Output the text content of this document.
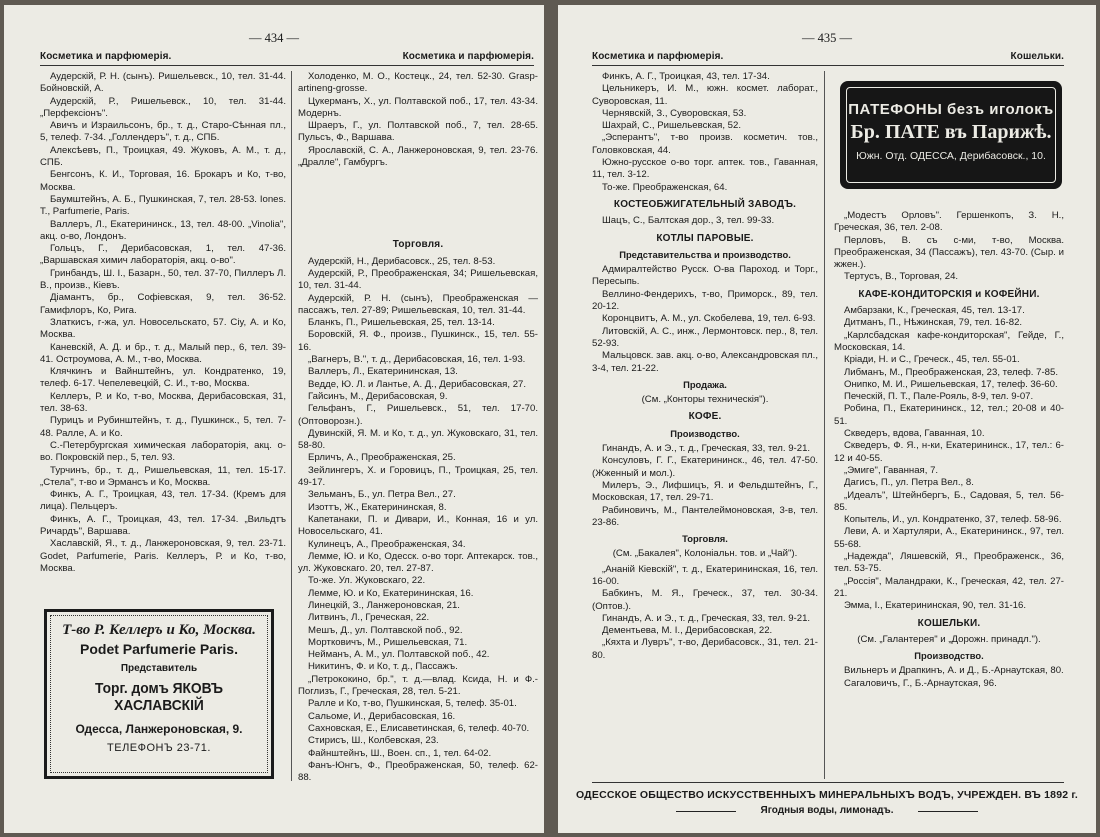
— 434 —
Косметика и парфюмерія.	Косметика и парфюмерія.

Аудерскій, Р. Н. (сынъ). Ришельевск., 10, тел. 31-44. Бойновскій, А.

Аудерскій, Р., Ришельевск., 10, тел. 31-44. „Перфексіонъ".

Авичъ и Израильсонъ, бр., т. д., Старо-Сѣнная пл., 5, телеф. 7-34. „Голлендеръ", т. д., СПБ.

Алексѣевъ, П., Троицкая, 49. Жуковъ, А. М., т. д., СПБ.

Бенгсонъ, К. И., Торговая, 16. Брокаръ и Ко, т-во, Москва.

Баумштейнъ, А. Б., Пушкинская, 7, тел. 28-53. Iones. T., Parfumerie, Paris.

Валлеръ, Л., Екатерининск., 13, тел. 48-00. „Vinolia", акц. о-во, Лондонъ.

Гольцъ, Г., Дерибасовская, 1, тел. 47-36. „Варшавская химич лабораторія, акц. о-во".

Гринбандъ, Ш. І., Базарн., 50, тел. 37-70, Пиллеръ Л. В., произв., Кіевъ.

Діамантъ, бр., Софіевская, 9, тел. 36-52. Гамифлоръ, Ко, Рига.

Златкисъ, г-жа, ул. Новосельскато, 57. Сiy, А. и Ко, Москва.

Каневскій, А. Д. и бр., т. д., Малый пер., 6, тел. 39-41. Остроумова, А. М., т-во, Москва.

Клячкинъ и Вайнштейнъ, ул. Кондратенко, 19, телеф. 6-17. Чепелевецкій, С. И., т-во, Москва.

Келлеръ, Р. и Ко, т-во, Москва, Дерибасовская, 31, тел. 38-63.

Пурицъ и Рубинштейнъ, т. д., Пушкинск., 5, тел. 7-48. Ралле, А. и Ко.

С.-Петербургская химическая лабораторія, акц. о-во. Покровскій пер., 5, тел. 93.

Турчинъ, бр., т. д., Ришельевская, 11, тел. 15-17. „Стела", т-во и Эрмансъ и Ко, Москва.

Финкъ, А. Г., Троицкая, 43, тел. 17-34. (Кремъ для лица). Пельцеръ.

Финкъ, А. Г., Троицкая, 43, тел. 17-34. „Вильдтъ Ричардъ", Варшава.

Хаславскій, Я., т. д., Ланжероновская, 9, тел. 23-71. Godet, Parfumerie, Paris. Келлеръ, Р. и Ко, т-во, Москва.

Т-во Р. Келлеръ и Ко, Москва.
Podet Parfumerie Paris.
Представитель
Торг. домъ ЯКОВЪ ХАСЛАВСКІЙ
Одесса, Ланжероновская, 9.
ТЕЛЕФОНЪ 23-71.

Холоденко, М. О., Костецк., 24, тел. 52-30. Grasp-artineng-grosse.

Цукерманъ, Х., ул. Полтавской поб., 17, тел. 43-34. Модернъ.

Шраеръ, Г., ул. Полтавской поб., 7, тел. 28-65. Пульсъ, Ф., Варшава.

Ярославскій, С. А., Ланжероновская, 9, тел. 23-76. „Дралле", Гамбургъ.

Торговля.

Аудерскій, Н., Дерибасовск., 25, тел. 8-53.

Аудерскій, Р., Преображенская, 34; Ришельевская, 10, тел. 31-44.

Аудерскій, Р. Н. (сынъ), Преображенская —пассажъ, тел. 27-89; Ришельевская, 10, тел. 31-44.

Бланкъ, П., Ришельевская, 25, тел. 13-14.

Боровскій, Я. Ф., произв., Пушкинск., 15, тел. 55-16.

„Вагнеръ, В.", т. д., Дерибасовская, 16, тел. 1-93.

Валлеръ, Л., Екатерининская, 13.

Ведде, Ю. Л. и Лантье, А. Д., Дерибасовская, 27.

Гайсинъ, М., Дерибасовская, 9.

Гельфанъ, Г., Ришельевск., 51, тел. 17-70. (Оптоворозн.).

Дувинскій, Я. М. и Ко, т. д., ул. Жуковскаго, 31, тел. 58-80.

Ерличъ, А., Преображенская, 25.

Зейлингеръ, Х. и Горовицъ, П., Троицкая, 25, тел. 49-17.

Зельманъ, Б., ул. Петра Вел., 27.

Изоттъ, Ж., Екатерининская, 8.

Капетанаки, П. и Дивари, И., Конная, 16 и ул. Новосельскаго, 41.

Кулинецъ, А., Преображенская, 34.

Лемме, Ю. и Ко, Одесск. о-во торг. Аптекарск. тов., ул. Жуковскаго. 20, тел. 27-87.

То-же. Ул. Жуковскаго, 22.

Лемме, Ю. и Ко, Екатерининская, 16.

Линецкій, З., Ланжероновская, 21.

Литвинъ, Л., Греческая, 22.

Мешъ, Д., ул. Полтавской поб., 92.

Мортковичъ, М., Ришельевская, 71.

Нейманъ, А. М., ул. Полтавской поб., 42.

Никитинъ, Ф. и Ко, т. д., Пассажъ.

„Петрококино, бр.", т. д.—влад. Ксида, Н. и Ф.-Поглизъ, Г., Греческая, 28, тел. 5-21.

Ралле и Ко, т-во, Пушкинская, 5, телеф. 35-01.

Сальоме, И., Дерибасовская, 16.

Сахновская, Е., Елисаветинская, 6, телеф. 40-70.

Стирисъ, Ш., Колбевская, 23.

Файнштейнъ, Ш., Воен. сп., 1, тел. 64-02.

Фанъ-Юнгъ, Ф., Преображенская, 50, телеф. 62-88.

— 435 —
Косметика и парфюмерія.	Кошельки.

Финкъ, А. Г., Троицкая, 43, тел. 17-34.

Цельникеръ, И. М., южн. космет. лаборат., Суворовская, 11.

Чернявскій, З., Суворовская, 53.

Шахрай, С., Ришельевская, 52.

„Эсперантъ", т-во произв. косметич. тов., Головковская, 44.

Южно-русское о-во торг. аптек. тов., Гаванная, 11, тел. 3-12.

То-же. Преображенская, 64.

КОСТЕОБЖИГАТЕЛЬНЫЙ ЗАВОДЪ.

Шацъ, С., Балтская дор., 3, тел. 99-33.

КОТЛЫ ПАРОВЫЕ.
Представительства и производство.

Адмиралтейство Русск. О-ва Пароход. и Торг., Пересыпь.

Веллино-Фендерихъ, т-во, Приморск., 89, тел. 20-12.

Коронцвитъ, А. М., ул. Скобелева, 19, тел. 6-93.

Литовскій, А. С., инж., Лермонтовск. пер., 8, тел. 52-93.

Мальцовск. зав. акц. о-во, Александровская пл., 3-4, тел. 21-22.

Продажа.

(См. „Конторы техническія").

КОФЕ.
Производство.

Гинандъ, А. и Э., т. д., Греческая, 33, тел. 9-21.

Консуловъ, Г. Г., Екатерининск., 46, тел. 47-50. (Жженный и мол.).

Милеръ, Э., Лифшицъ, Я. и Фельдштейнъ, Г., Московская, 17, тел. 29-71.

Рабиновичъ, М., Пантелеймоновская, 3-в, тел. 23-86.

Торговля.

(См. „Бакалея", Колоніальн. тов. и „Чай").

„Ананій Кіевскій", т. д., Екатерининская, 16, тел. 16-00.

Бабкинъ, М. Я., Греческ., 37, тел. 30-34. (Оптов.).

Гинандъ, А. и Э., т. д., Греческая, 33, тел. 9-21.

Дементьева, М. І., Дерибасовская, 22.

„Кяхта и Лувръ", т-во, Дерибасовск., 31, тел. 21-80.

ПАТЕФОНЫ безъ иголокъ
Бр. ПАТЕ въ Парижѣ.
Южн. Отд. ОДЕССА, Дерибасовск., 10.

„Модестъ Орловъ". Гершенкопъ, З. Н., Греческая, 36, тел. 2-08.

Перловъ, В. съ с-ми, т-во, Москва. Преображенская, 34 (Пассажъ), тел. 43-70. (Сыр. и жжен.).

Тертусъ, В., Торговая, 24.

КАФЕ-КОНДИТОРСКІЯ и КОФЕЙНИ.

Амбарзаки, К., Греческая, 45, тел. 13-17.

Дитманъ, П., Нѣжинская, 79, тел. 16-82.

„Карлсбадская кафе-кондиторская", Гейде, Г., Московская, 14.

Кріади, Н. и С., Греческ., 45, тел. 55-01.

Либманъ, М., Преображенская, 23, телеф. 7-85.

Онипко, М. И., Ришельевская, 17, телеф. 36-60.

Печескій, П. Т., Пале-Рояль, 8-9, тел. 9-07.

Робина, П., Екатерининск., 12, тел.; 20-08 и 40-51.

Скведеръ, вдова, Гаванная, 10.

Скведеръ, Ф. Я., н-ки, Екатерининск., 17, тел.: 6-12 и 40-55.

„Эмиге", Гаванная, 7.

Дагисъ, П., ул. Петра Вел., 8.

„Идеалъ", Штейнбергъ, Б., Садовая, 5, тел. 56-85.

Копытель, И., ул. Кондратенко, 37, телеф. 58-96.

Леви, А. и Хартуляри, А., Екатерининск., 97, тел. 55-68.

„Надежда", Ляшевскій, Я., Преображенск., 36, тел. 53-75.

„Россія", Маландраки, К., Греческая, 42, тел. 27-21.

Эмма, І., Екатерининская, 90, тел. 31-16.

КОШЕЛЬКИ.

(См. „Галантерея" и „Дорожн. принадл.").

Производство.

Вильнеръ и Драпкинъ, А. и Д., Б.-Арнаутская, 80.

Сагаловичъ, Г., Б.-Арнаутская, 96.

ОДЕССКОЕ ОБЩЕСТВО ИСКУССТВЕННЫХЪ МИНЕРАЛЬНЫХЪ ВОДЪ, УЧРЕЖДЕН. ВЪ 1892 г.
Ягодныя воды, лимонадъ.
